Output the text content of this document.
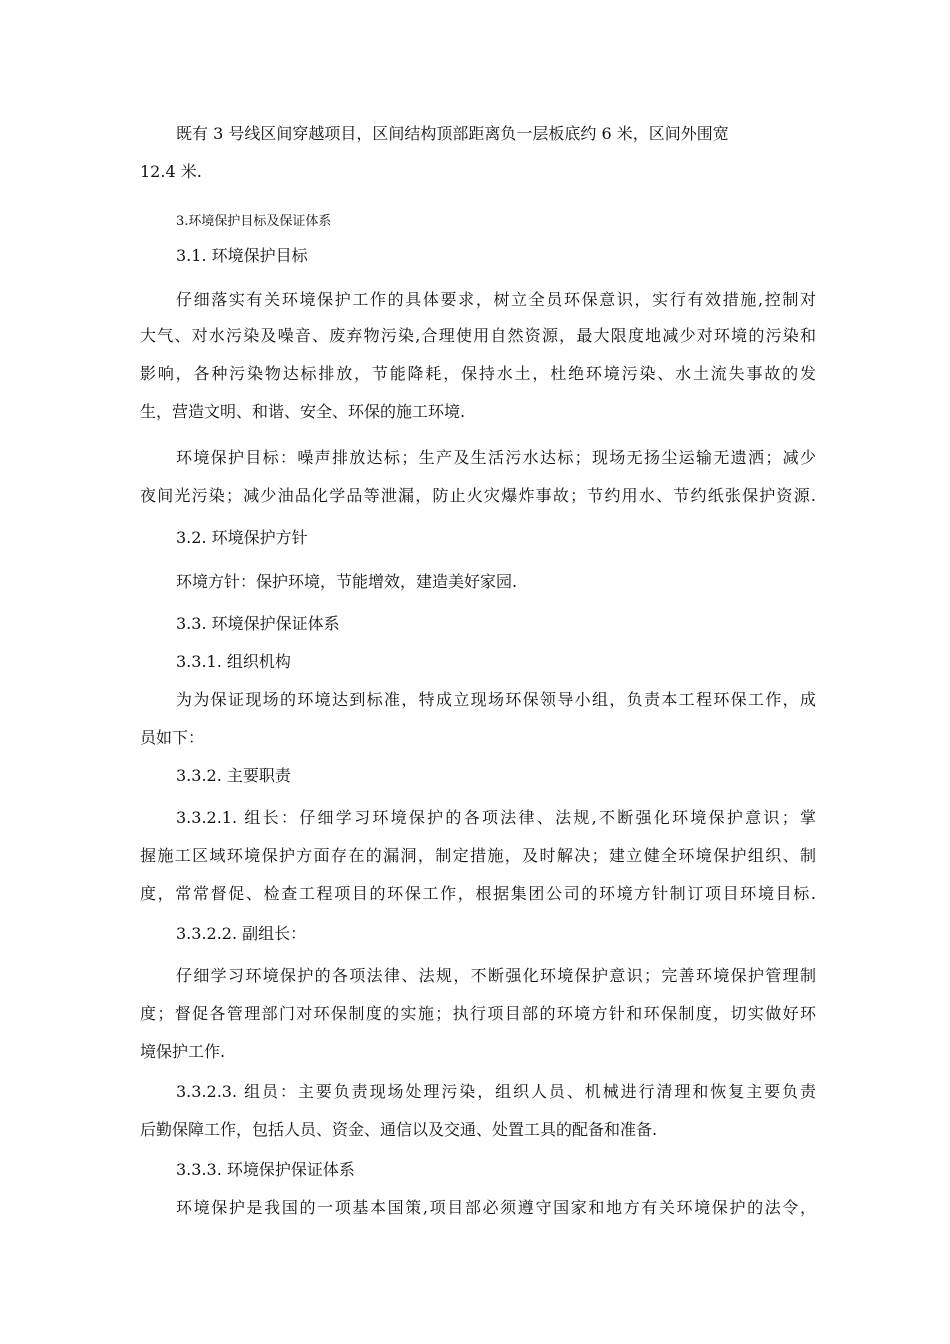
既有 3 号线区间穿越项目，区间结构顶部距离负一层板底约 6 米，区间外围宽
12.4 米.
3.环境保护目标及保证体系
3.1. 环境保护目标
仔细落实有关环境保护工作的具体要求，树立全员环保意识，实行有效措施,控制对
大气、对水污染及噪音、废弃物污染,合理使用自然资源，最大限度地减少对环境的污染和
影响，各种污染物达标排放，节能降耗，保持水土，杜绝环境污染、水土流失事故的发
生，营造文明、和谐、安全、环保的施工环境.
环境保护目标：噪声排放达标；生产及生活污水达标；现场无扬尘运输无遗洒；减少
夜间光污染；减少油品化学品等泄漏，防止火灾爆炸事故；节约用水、节约纸张保护资源.
3.2. 环境保护方针
环境方针：保护环境，节能增效，建造美好家园.
3.3. 环境保护保证体系
3.3.1. 组织机构
为为保证现场的环境达到标准，特成立现场环保领导小组，负责本工程环保工作，成
员如下：
3.3.2. 主要职责
3.3.2.1. 组长：仔细学习环境保护的各项法律、法规,不断强化环境保护意识；掌
握施工区域环境保护方面存在的漏洞，制定措施，及时解决；建立健全环境保护组织、制
度，常常督促、检查工程项目的环保工作，根据集团公司的环境方针制订项目环境目标.
3.3.2.2. 副组长：
仔细学习环境保护的各项法律、法规，不断强化环境保护意识；完善环境保护管理制
度；督促各管理部门对环保制度的实施；执行项目部的环境方针和环保制度，切实做好环
境保护工作.
3.3.2.3. 组员：主要负责现场处理污染，组织人员、机械进行清理和恢复主要负责
后勤保障工作，包括人员、资金、通信以及交通、处置工具的配备和准备.
3.3.3. 环境保护保证体系
环境保护是我国的一项基本国策,项目部必须遵守国家和地方有关环境保护的法令，
